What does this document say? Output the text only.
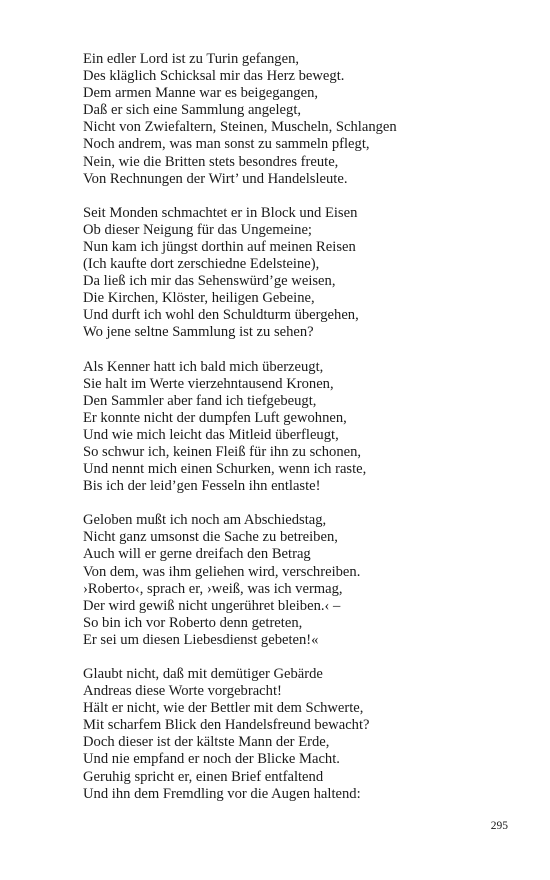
Ein edler Lord ist zu Turin gefangen,
Des kläglich Schicksal mir das Herz bewegt.
Dem armen Manne war es beigegangen,
Daß er sich eine Sammlung angelegt,
Nicht von Zwiefaltern, Steinen, Muscheln, Schlangen
Noch andrem, was man sonst zu sammeln pflegt,
Nein, wie die Britten stets besondres freute,
Von Rechnungen der Wirt’ und Handelsleute.
Seit Monden schmachtet er in Block und Eisen
Ob dieser Neigung für das Ungemeine;
Nun kam ich jüngst dorthin auf meinen Reisen
(Ich kaufte dort zerschiedne Edelsteine),
Da ließ ich mir das Sehenswürd’ge weisen,
Die Kirchen, Klöster, heiligen Gebeine,
Und durft ich wohl den Schuldturm übergehen,
Wo jene seltne Sammlung ist zu sehen?
Als Kenner hatt ich bald mich überzeugt,
Sie halt im Werte vierzehntausend Kronen,
Den Sammler aber fand ich tiefgebeugt,
Er konnte nicht der dumpfen Luft gewohnen,
Und wie mich leicht das Mitleid überfleugt,
So schwur ich, keinen Fleiß für ihn zu schonen,
Und nennt mich einen Schurken, wenn ich raste,
Bis ich der leid’gen Fesseln ihn entlaste!
Geloben mußt ich noch am Abschiedstag,
Nicht ganz umsonst die Sache zu betreiben,
Auch will er gerne dreifach den Betrag
Von dem, was ihm geliehen wird, verschreiben.
›Roberto‹, sprach er, ›weiß, was ich vermag,
Der wird gewiß nicht ungerühret bleiben.‹ –
So bin ich vor Roberto denn getreten,
Er sei um diesen Liebesdienst gebeten!«
Glaubt nicht, daß mit demütiger Gebärde
Andreas diese Worte vorgebracht!
Hält er nicht, wie der Bettler mit dem Schwerte,
Mit scharfem Blick den Handelsfreund bewacht?
Doch dieser ist der kältste Mann der Erde,
Und nie empfand er noch der Blicke Macht.
Geruhig spricht er, einen Brief entfaltend
Und ihn dem Fremdling vor die Augen haltend:
295
